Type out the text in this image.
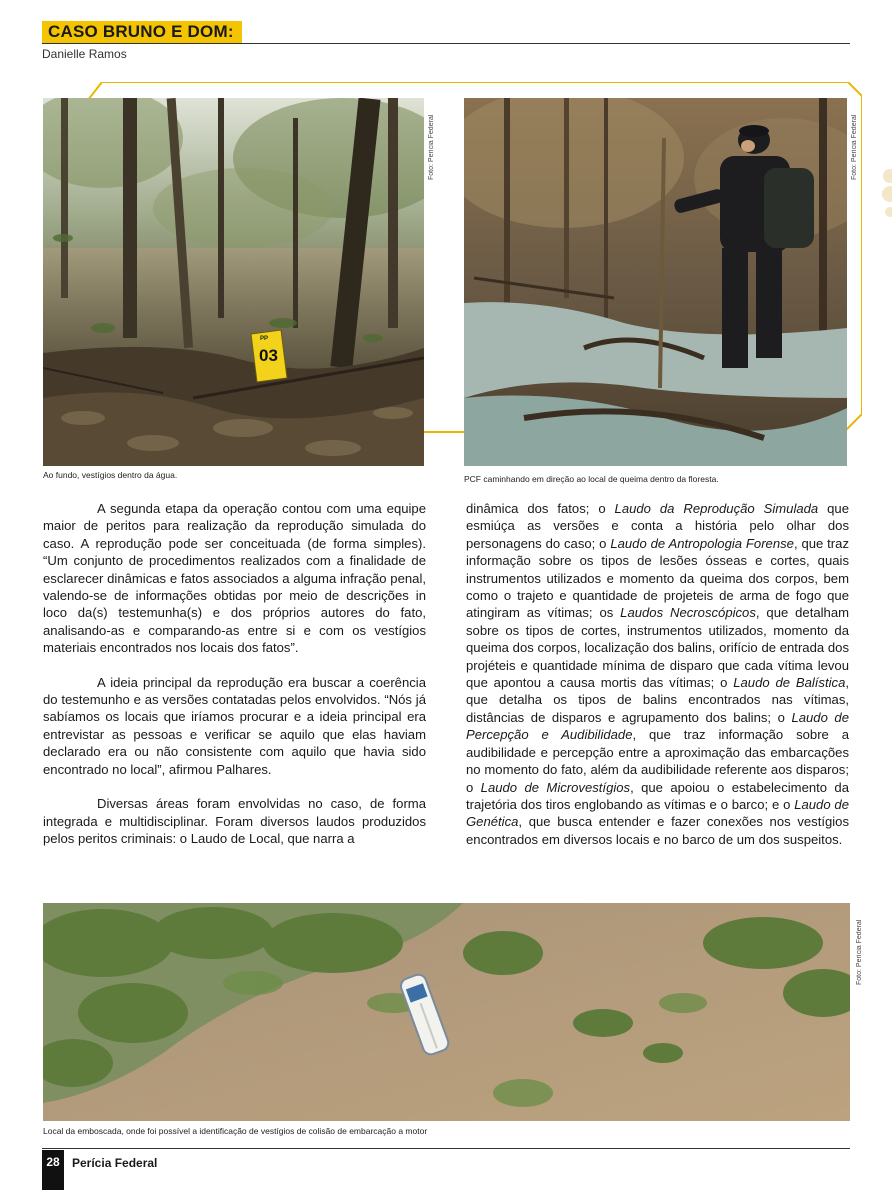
CASO BRUNO E DOM:
Danielle Ramos
PP
03
Foto: Perícia Federal
Ao fundo, vestígios dentro da água.
Foto: Perícia Federal
PCF caminhando em direção ao local de queima dentro da floresta.

A segunda etapa da operação contou com uma equipe maior de peritos para realização da reprodução simulada do caso. A reprodução pode ser conceituada (de forma simples). “Um conjunto de procedimentos realizados com a finalidade de esclarecer dinâmicas e fatos associados a alguma infração penal, valendo-se de informações obtidas por meio de descrições in loco da(s) testemunha(s) e dos próprios autores do fato, analisando-as e comparando-as entre si e com os vestígios materiais encontrados nos locais dos fatos”.

A ideia principal da reprodução era buscar a coerência do testemunho e as versões contatadas pelos envolvidos. “Nós já sabíamos os locais que iríamos procurar e a ideia principal era entrevistar as pessoas e verificar se aquilo que elas haviam declarado era ou não consistente com aquilo que havia sido encontrado no local”, afirmou Palhares.

Diversas áreas foram envolvidas no caso, de forma integrada e multidisciplinar. Foram diversos laudos produzidos pelos peritos criminais: o Laudo de Local, que narra a

dinâmica dos fatos; o Laudo da Reprodução Simulada que esmiúça as versões e conta a história pelo olhar dos personagens do caso; o Laudo de Antropologia Forense, que traz informação sobre os tipos de lesões ósseas e cortes, quais instrumentos utilizados e momento da queima dos corpos, bem como o trajeto e quantidade de projeteis de arma de fogo que atingiram as vítimas; os Laudos Necroscópicos, que detalham sobre os tipos de cortes, instrumentos utilizados, momento da queima dos corpos, localização dos balins, orifício de entrada dos projéteis e quantidade mínima de disparo que cada vítima levou que apontou a causa mortis das vítimas; o Laudo de Balística, que detalha os tipos de balins encontrados nas vítimas, distâncias de disparos e agrupamento dos balins; o Laudo de Percepção e Audibilidade, que traz informação sobre a audibilidade e percepção entre a aproximação das embarcações no momento do fato, além da audibilidade referente aos disparos; o Laudo de Microvestígios, que apoiou o estabelecimento da trajetória dos tiros englobando as vítimas e o barco; e o Laudo de Genética, que busca entender e fazer conexões nos vestígios encontrados em diversos locais e no barco de um dos suspeitos.

Foto: Perícia Federal
Local da emboscada, onde foi possível a identificação de vestígios de colisão de embarcação a motor
28	Perícia Federal
